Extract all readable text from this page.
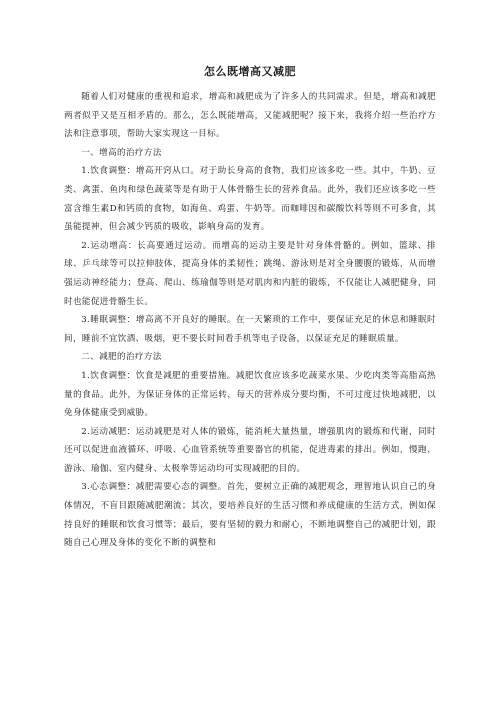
怎么既增高又减肥

随着人们对健康的重视和追求，增高和减肥成为了许多人的共同需求。但是，增高和减肥两者似乎又是互相矛盾的。那么，怎么既能增高，又能减肥呢？接下来，我将介绍一些治疗方法和注意事项，帮助大家实现这一目标。

一、增高的治疗方法

1.饮食调整：增高开窍从口。对于助长身高的食物，我们应该多吃一些。其中，牛奶、豆类、禽蛋、鱼肉和绿色蔬菜等是有助于人体骨骼生长的营养食品。此外，我们还应该多吃一些富含维生素D和钙质的食物，如海鱼、鸡蛋、牛奶等。而咖啡因和碳酸饮料等则不可多食，其虽能提神，但会减少钙质的吸收，影响身高的发育。

2.运动增高：长高要通过运动。而增高的运动主要是针对身体骨骼的。例如，篮球、排球、乒乓球等可以拉伸肢体，提高身体的柔韧性；跳绳、游泳则是对全身腰腹的锻炼，从而增强运动神经能力；登高、爬山、练瑜伽等则是对肌肉和内脏的锻炼，不仅能让人减肥健身，同时也能促进骨骼生长。

3.睡眠调整：增高离不开良好的睡眠。在一天繁琐的工作中，要保证充足的休息和睡眠时间，睡前不宜饮酒、吸烟，更不要长时间看手机等电子设备，以保证充足的睡眠质量。

二、减肥的治疗方法

1.饮食调整：饮食是减肥的重要措施。减肥饮食应该多吃蔬菜水果、少吃肉类等高脂高热量的食品。此外，为保证身体的正常运转，每天的营养成分要均衡，不可过度过快地减肥，以免身体健康受到威胁。

2.运动减肥：运动减肥是对人体的锻炼，能消耗大量热量，增强肌肉的锻炼和代谢，同时还可以促进血液循环、呼吸、心血管系统等重要器官的机能，促进毒素的排出。例如，慢跑、游泳、瑜伽、室内健身、太极拳等运动均可实现减肥的目的。

3.心态调整：减肥需要心态的调整。首先，要树立正确的减肥观念，理智地认识自己的身体情况，不盲目跟随减肥潮流；其次，要培养良好的生活习惯和养成健康的生活方式，例如保持良好的睡眠和饮食习惯等；最后，要有坚韧的毅力和耐心，不断地调整自己的减肥计划，跟随自己心理及身体的变化不断的调整和
